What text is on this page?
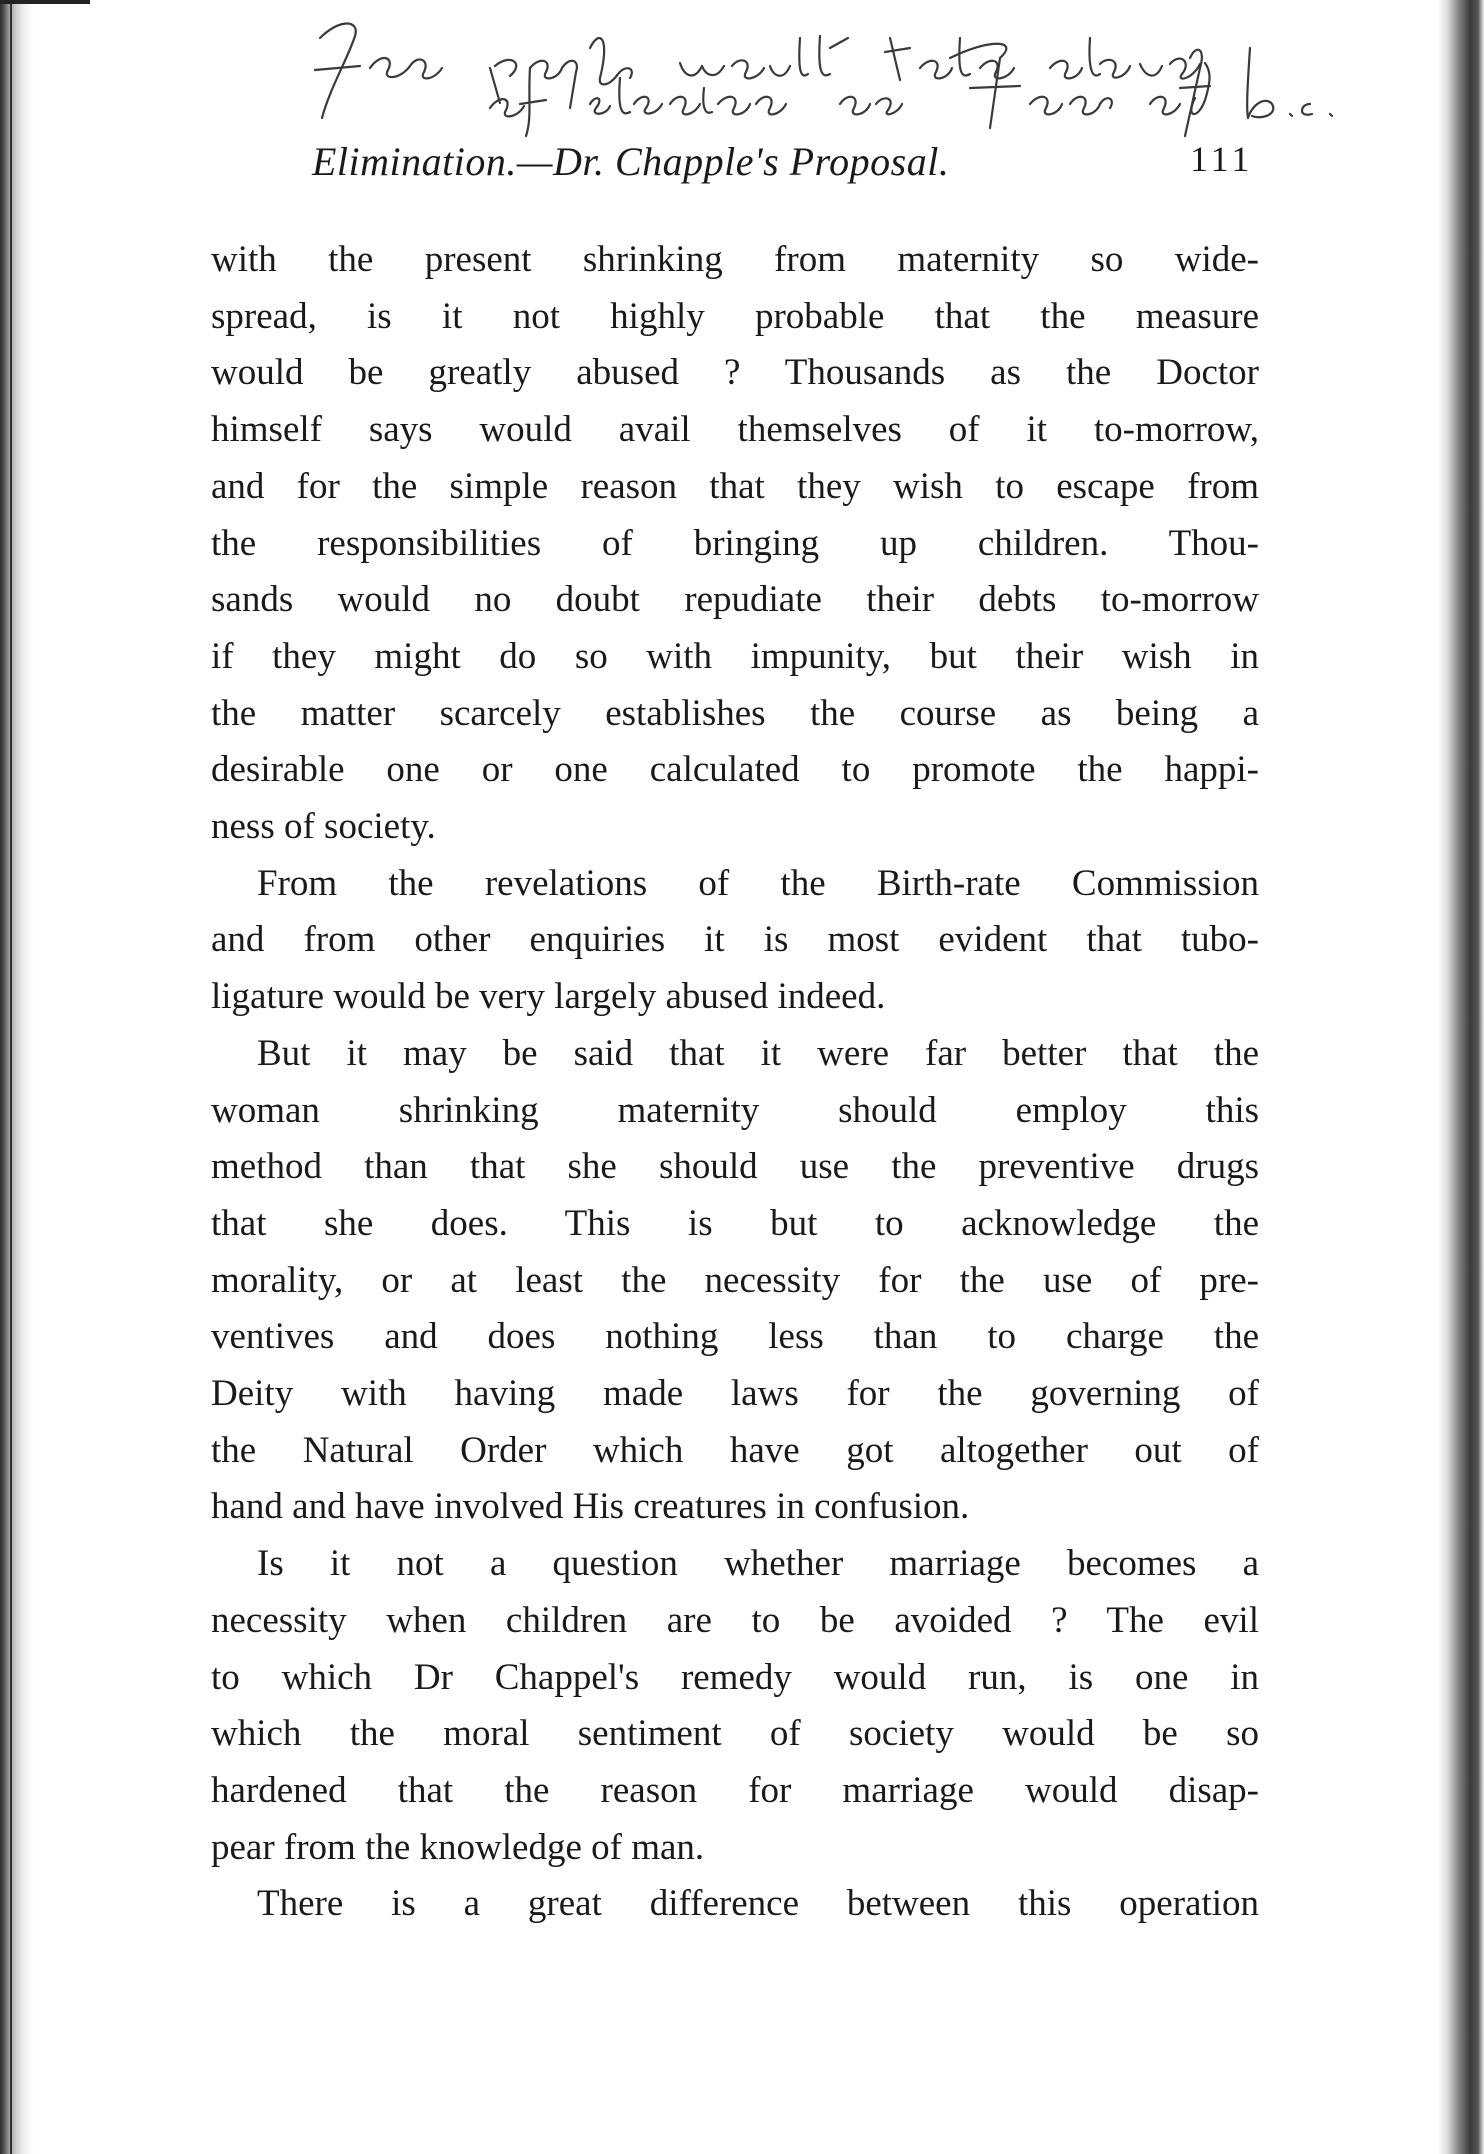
Elimination.—Dr. Chapple's Proposal.	111
with the present shrinking from maternity so wide-
spread, is it not highly probable that the measure
would be greatly abused ? Thousands as the Doctor
himself says would avail themselves of it to-morrow,
and for the simple reason that they wish to escape from
the responsibilities of bringing up children. Thou-
sands would no doubt repudiate their debts to-morrow
if they might do so with impunity, but their wish in
the matter scarcely establishes the course as being a
desirable one or one calculated to promote the happi-
ness of society.
From the revelations of the Birth-rate Commission
and from other enquiries it is most evident that tubo-
ligature would be very largely abused indeed.
But it may be said that it were far better that the
woman shrinking maternity should employ this
method than that she should use the preventive drugs
that she does. This is but to acknowledge the
morality, or at least the necessity for the use of pre-
ventives and does nothing less than to charge the
Deity with having made laws for the governing of
the Natural Order which have got altogether out of
hand and have involved His creatures in confusion.
Is it not a question whether marriage becomes a
necessity when children are to be avoided ? The evil
to which Dr Chappel's remedy would run, is one in
which the moral sentiment of society would be so
hardened that the reason for marriage would disap-
pear from the knowledge of man.
There is a great difference between this operation
